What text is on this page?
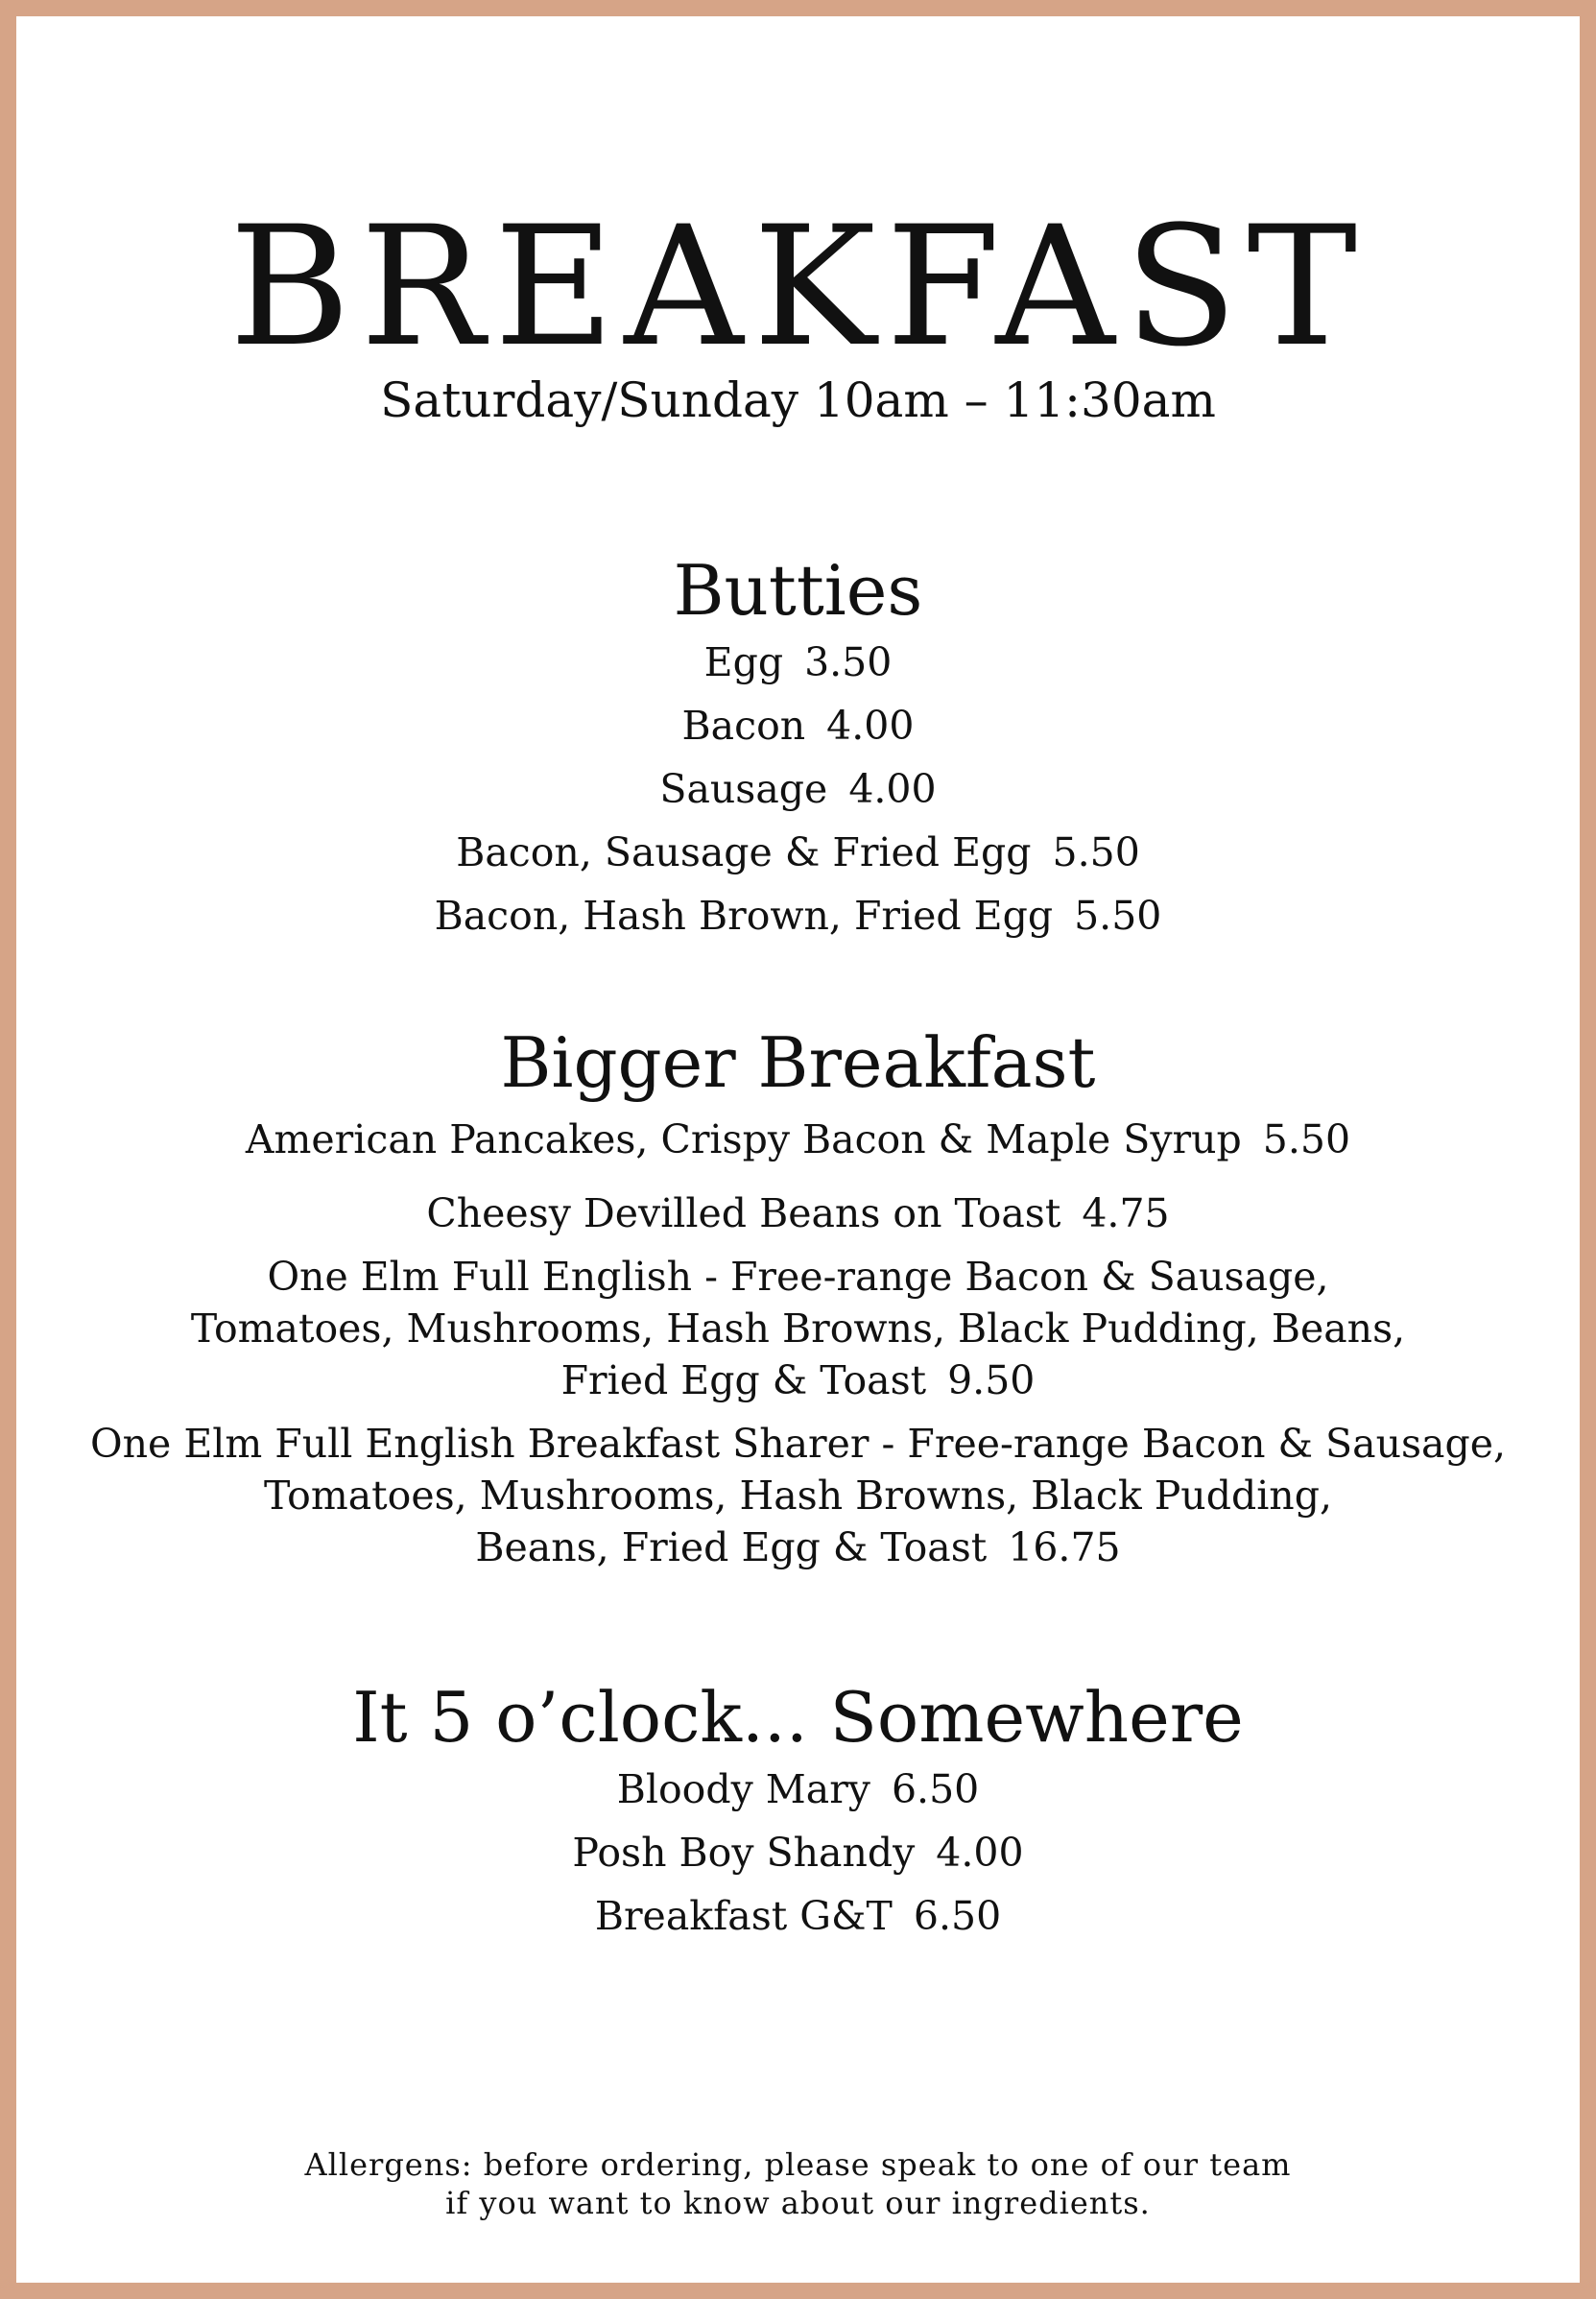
BREAKFAST
Saturday/Sunday 10am – 11:30am
Butties
Egg 3.50
Bacon 4.00
Sausage 4.00
Bacon, Sausage & Fried Egg 5.50
Bacon, Hash Brown, Fried Egg 5.50
Bigger Breakfast
American Pancakes, Crispy Bacon & Maple Syrup 5.50
Cheesy Devilled Beans on Toast 4.75
One Elm Full English - Free-range Bacon & Sausage,
Tomatoes, Mushrooms, Hash Browns, Black Pudding, Beans,
Fried Egg & Toast 9.50
One Elm Full English Breakfast Sharer - Free-range Bacon & Sausage,
Tomatoes, Mushrooms, Hash Browns, Black Pudding,
Beans, Fried Egg & Toast 16.75
It 5 o’clock... Somewhere
Bloody Mary 6.50
Posh Boy Shandy 4.00
Breakfast G&T 6.50
Allergens: before ordering, please speak to one of our team
if you want to know about our ingredients.
